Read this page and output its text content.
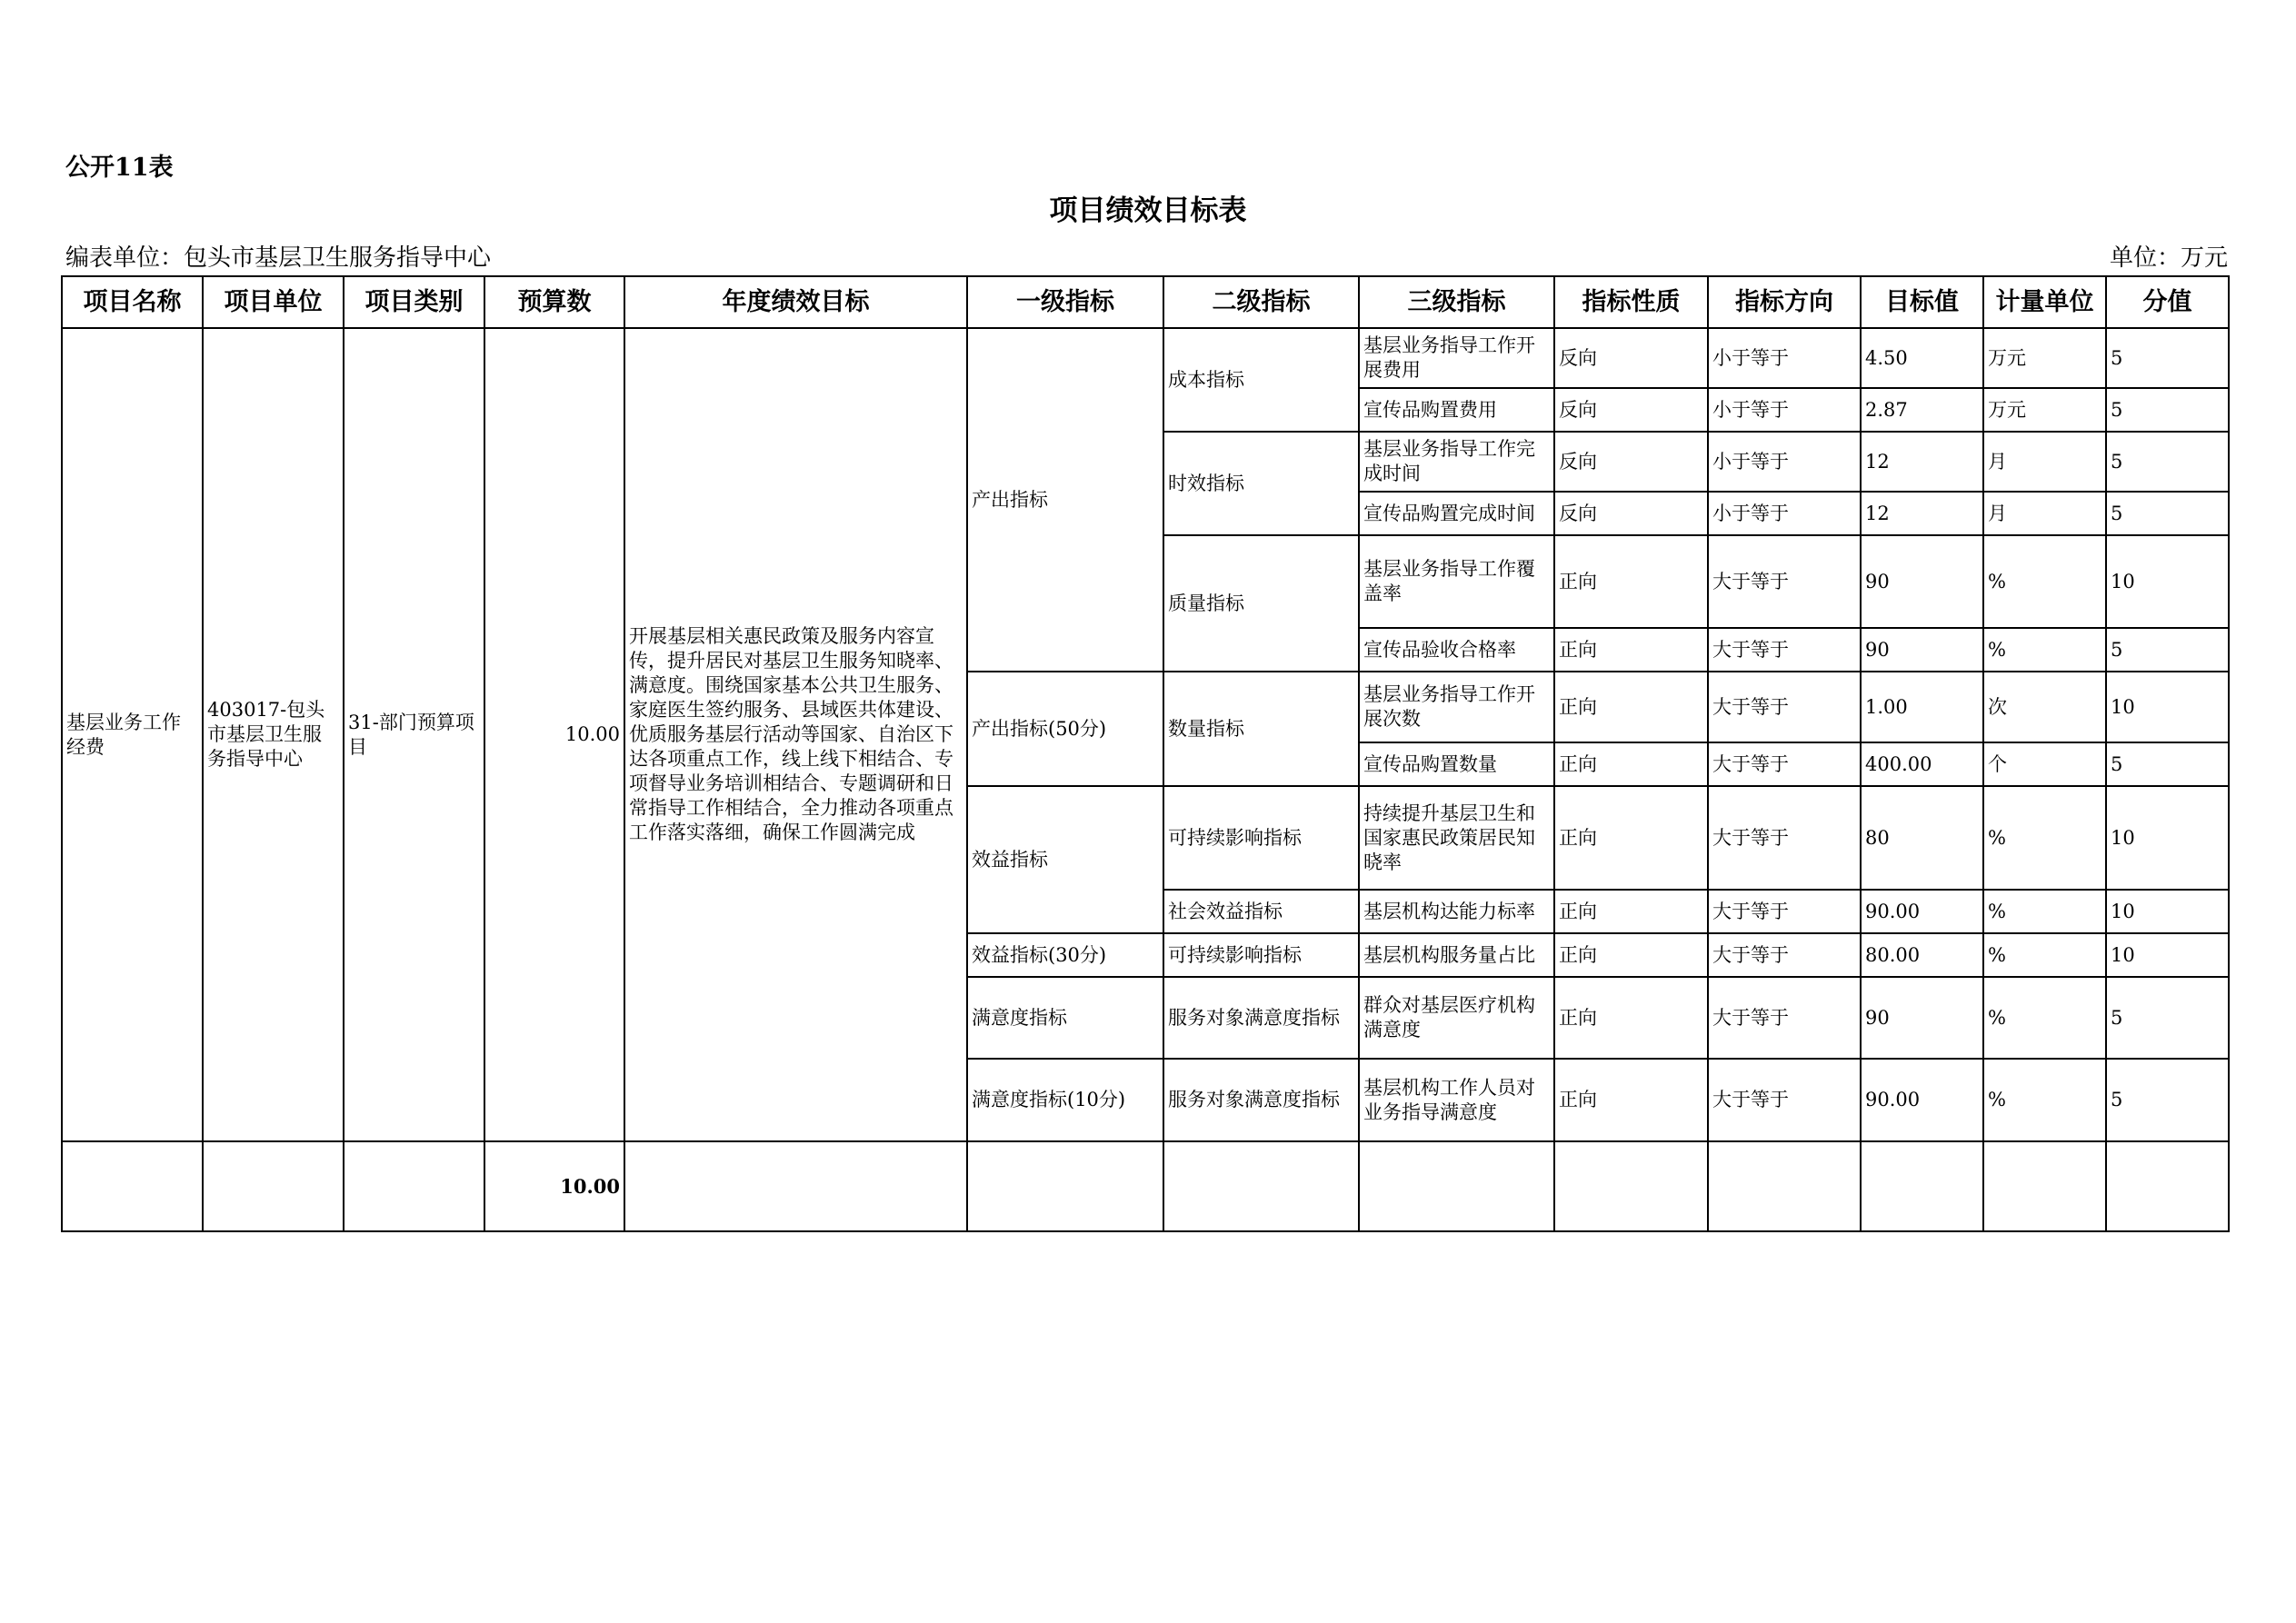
公开11表
项目绩效目标表
编表单位：包头市基层卫生服务指导中心	单位：万元
项目名称	项目单位	项目类别	预算数	年度绩效目标	一级指标	二级指标	三级指标	指标性质	指标方向	目标值	计量单位	分值
基层业务工作经费	403017-包头市基层卫生服务指导中心	31-部门预算项目	10.00	开展基层相关惠民政策及服务内容宣传，提升居民对基层卫生服务知晓率、满意度。围绕国家基本公共卫生服务、家庭医生签约服务、县域医共体建设、优质服务基层行活动等国家、自治区下达各项重点工作，线上线下相结合、专项督导业务培训相结合、专题调研和日常指导工作相结合，全力推动各项重点工作落实落细，确保工作圆满完成	产出指标	成本指标	基层业务指导工作开展费用	反向	小于等于	4.50	万元	5
							宣传品购置费用	反向	小于等于	2.87	万元	5
						时效指标	基层业务指导工作完成时间	反向	小于等于	12	月	5
							宣传品购置完成时间	反向	小于等于	12	月	5
						质量指标	基层业务指导工作覆盖率	正向	大于等于	90	%	10
							宣传品验收合格率	正向	大于等于	90	%	5
					产出指标(50分)	数量指标	基层业务指导工作开展次数	正向	大于等于	1.00	次	10
							宣传品购置数量	正向	大于等于	400.00	个	5
					效益指标	可持续影响指标	持续提升基层卫生和国家惠民政策居民知晓率	正向	大于等于	80	%	10
						社会效益指标	基层机构达能力标率	正向	大于等于	90.00	%	10
					效益指标(30分)	可持续影响指标	基层机构服务量占比	正向	大于等于	80.00	%	10
					满意度指标	服务对象满意度指标	群众对基层医疗机构满意度	正向	大于等于	90	%	5
					满意度指标(10分)	服务对象满意度指标	基层机构工作人员对业务指导满意度	正向	大于等于	90.00	%	5
			10.00									
